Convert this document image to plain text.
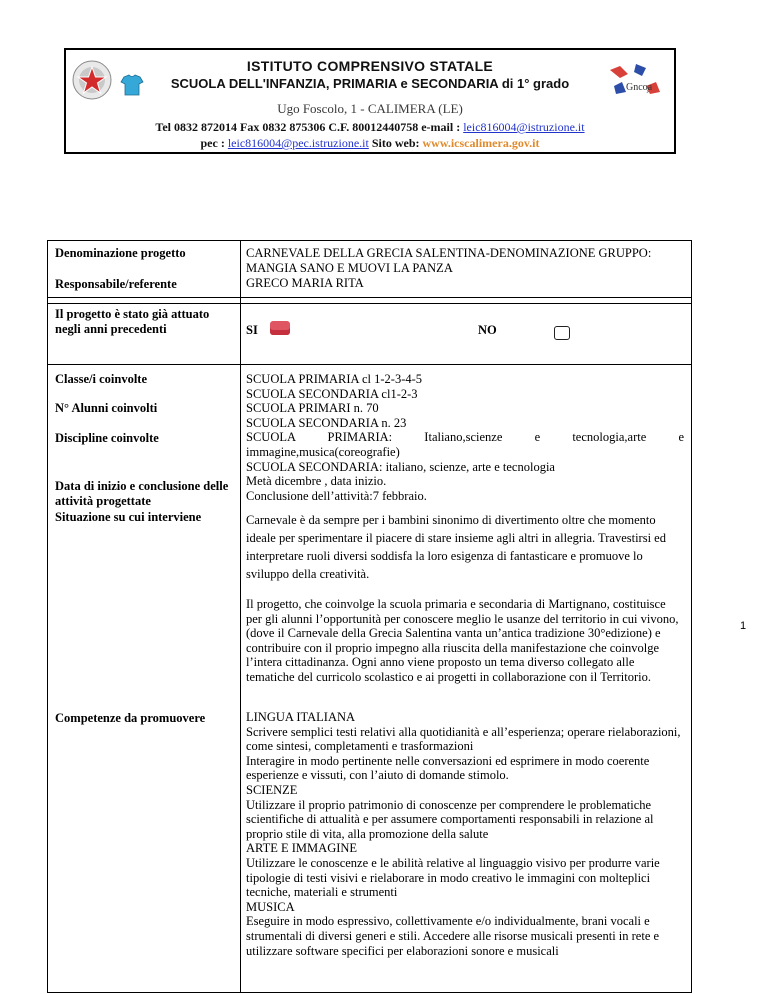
Gnco̧a
ISTITUTO COMPRENSIVO STATALE
SCUOLA DELL'INFANZIA, PRIMARIA e SECONDARIA di 1° grado
Ugo Foscolo, 1 - CALIMERA (LE)
Tel 0832 872014 Fax 0832 875306 C.F. 80012440758 e-mail : leic816004@istruzione.it
pec : leic816004@pec.istruzione.it Sito web: www.icscalimera.gov.it
Denominazione progetto
Responsabile/referente
CARNEVALE DELLA GRECIA SALENTINA-DENOMINAZIONE GRUPPO: MANGIA SANO E MUOVI LA PANZA
GRECO MARIA RITA
Il progetto è stato già attuato negli anni precedenti	SI	NO
Classe/i coinvolte
N° Alunni coinvolti
Discipline coinvolte
Data di inizio e conclusione delle attività progettate
Situazione su cui interviene
Competenze da promuovere
SCUOLA PRIMARIA cl 1-2-3-4-5
SCUOLA SECONDARIA cl1-2-3
SCUOLA PRIMARI n. 70
SCUOLA SECONDARIA n. 23
SCUOLA PRIMARIA: Italiano,scienze e tecnologia,arte e immagine,musica(coreografie)
SCUOLA SECONDARIA: italiano, scienze, arte e tecnologia
Metà dicembre , data inizio.
Conclusione dell’attività:7 febbraio.
Carnevale è da sempre per i bambini sinonimo di divertimento oltre che momento ideale per sperimentare il piacere di stare insieme agli altri in allegria. Travestirsi ed interpretare ruoli diversi soddisfa la loro esigenza di fantasticare e promuove lo sviluppo della creatività.
Il progetto, che coinvolge la scuola primaria e secondaria di Martignano, costituisce per gli alunni l’opportunità per conoscere meglio le usanze del territorio in cui vivono, (dove il Carnevale della Grecia Salentina vanta un’antica tradizione 30°edizione) e contribuire con il proprio impegno alla riuscita della manifestazione che coinvolge l’intera cittadinanza. Ogni anno viene proposto un tema diverso collegato alle tematiche del curricolo scolastico e ai progetti in collaborazione con il Territorio.
LINGUA ITALIANA
Scrivere semplici testi relativi alla quotidianità e all’esperienza; operare rielaborazioni, come sintesi, completamenti e trasformazioni
Interagire in modo pertinente nelle conversazioni ed esprimere in modo coerente esperienze e vissuti, con l’aiuto di domande stimolo.
SCIENZE
Utilizzare il proprio patrimonio di conoscenze per comprendere le problematiche scientifiche di attualità e per assumere comportamenti responsabili in relazione al proprio stile di vita, alla promozione della salute
ARTE E IMMAGINE
Utilizzare le conoscenze e le abilità relative al linguaggio visivo per produrre varie tipologie di testi visivi e rielaborare in modo creativo le immagini con molteplici tecniche, materiali e strumenti
MUSICA
Eseguire in modo espressivo, collettivamente e/o individualmente, brani vocali e strumentali di diversi generi e stili. Accedere alle risorse musicali presenti in rete e utilizzare software specifici per elaborazioni sonore e musicali
1
